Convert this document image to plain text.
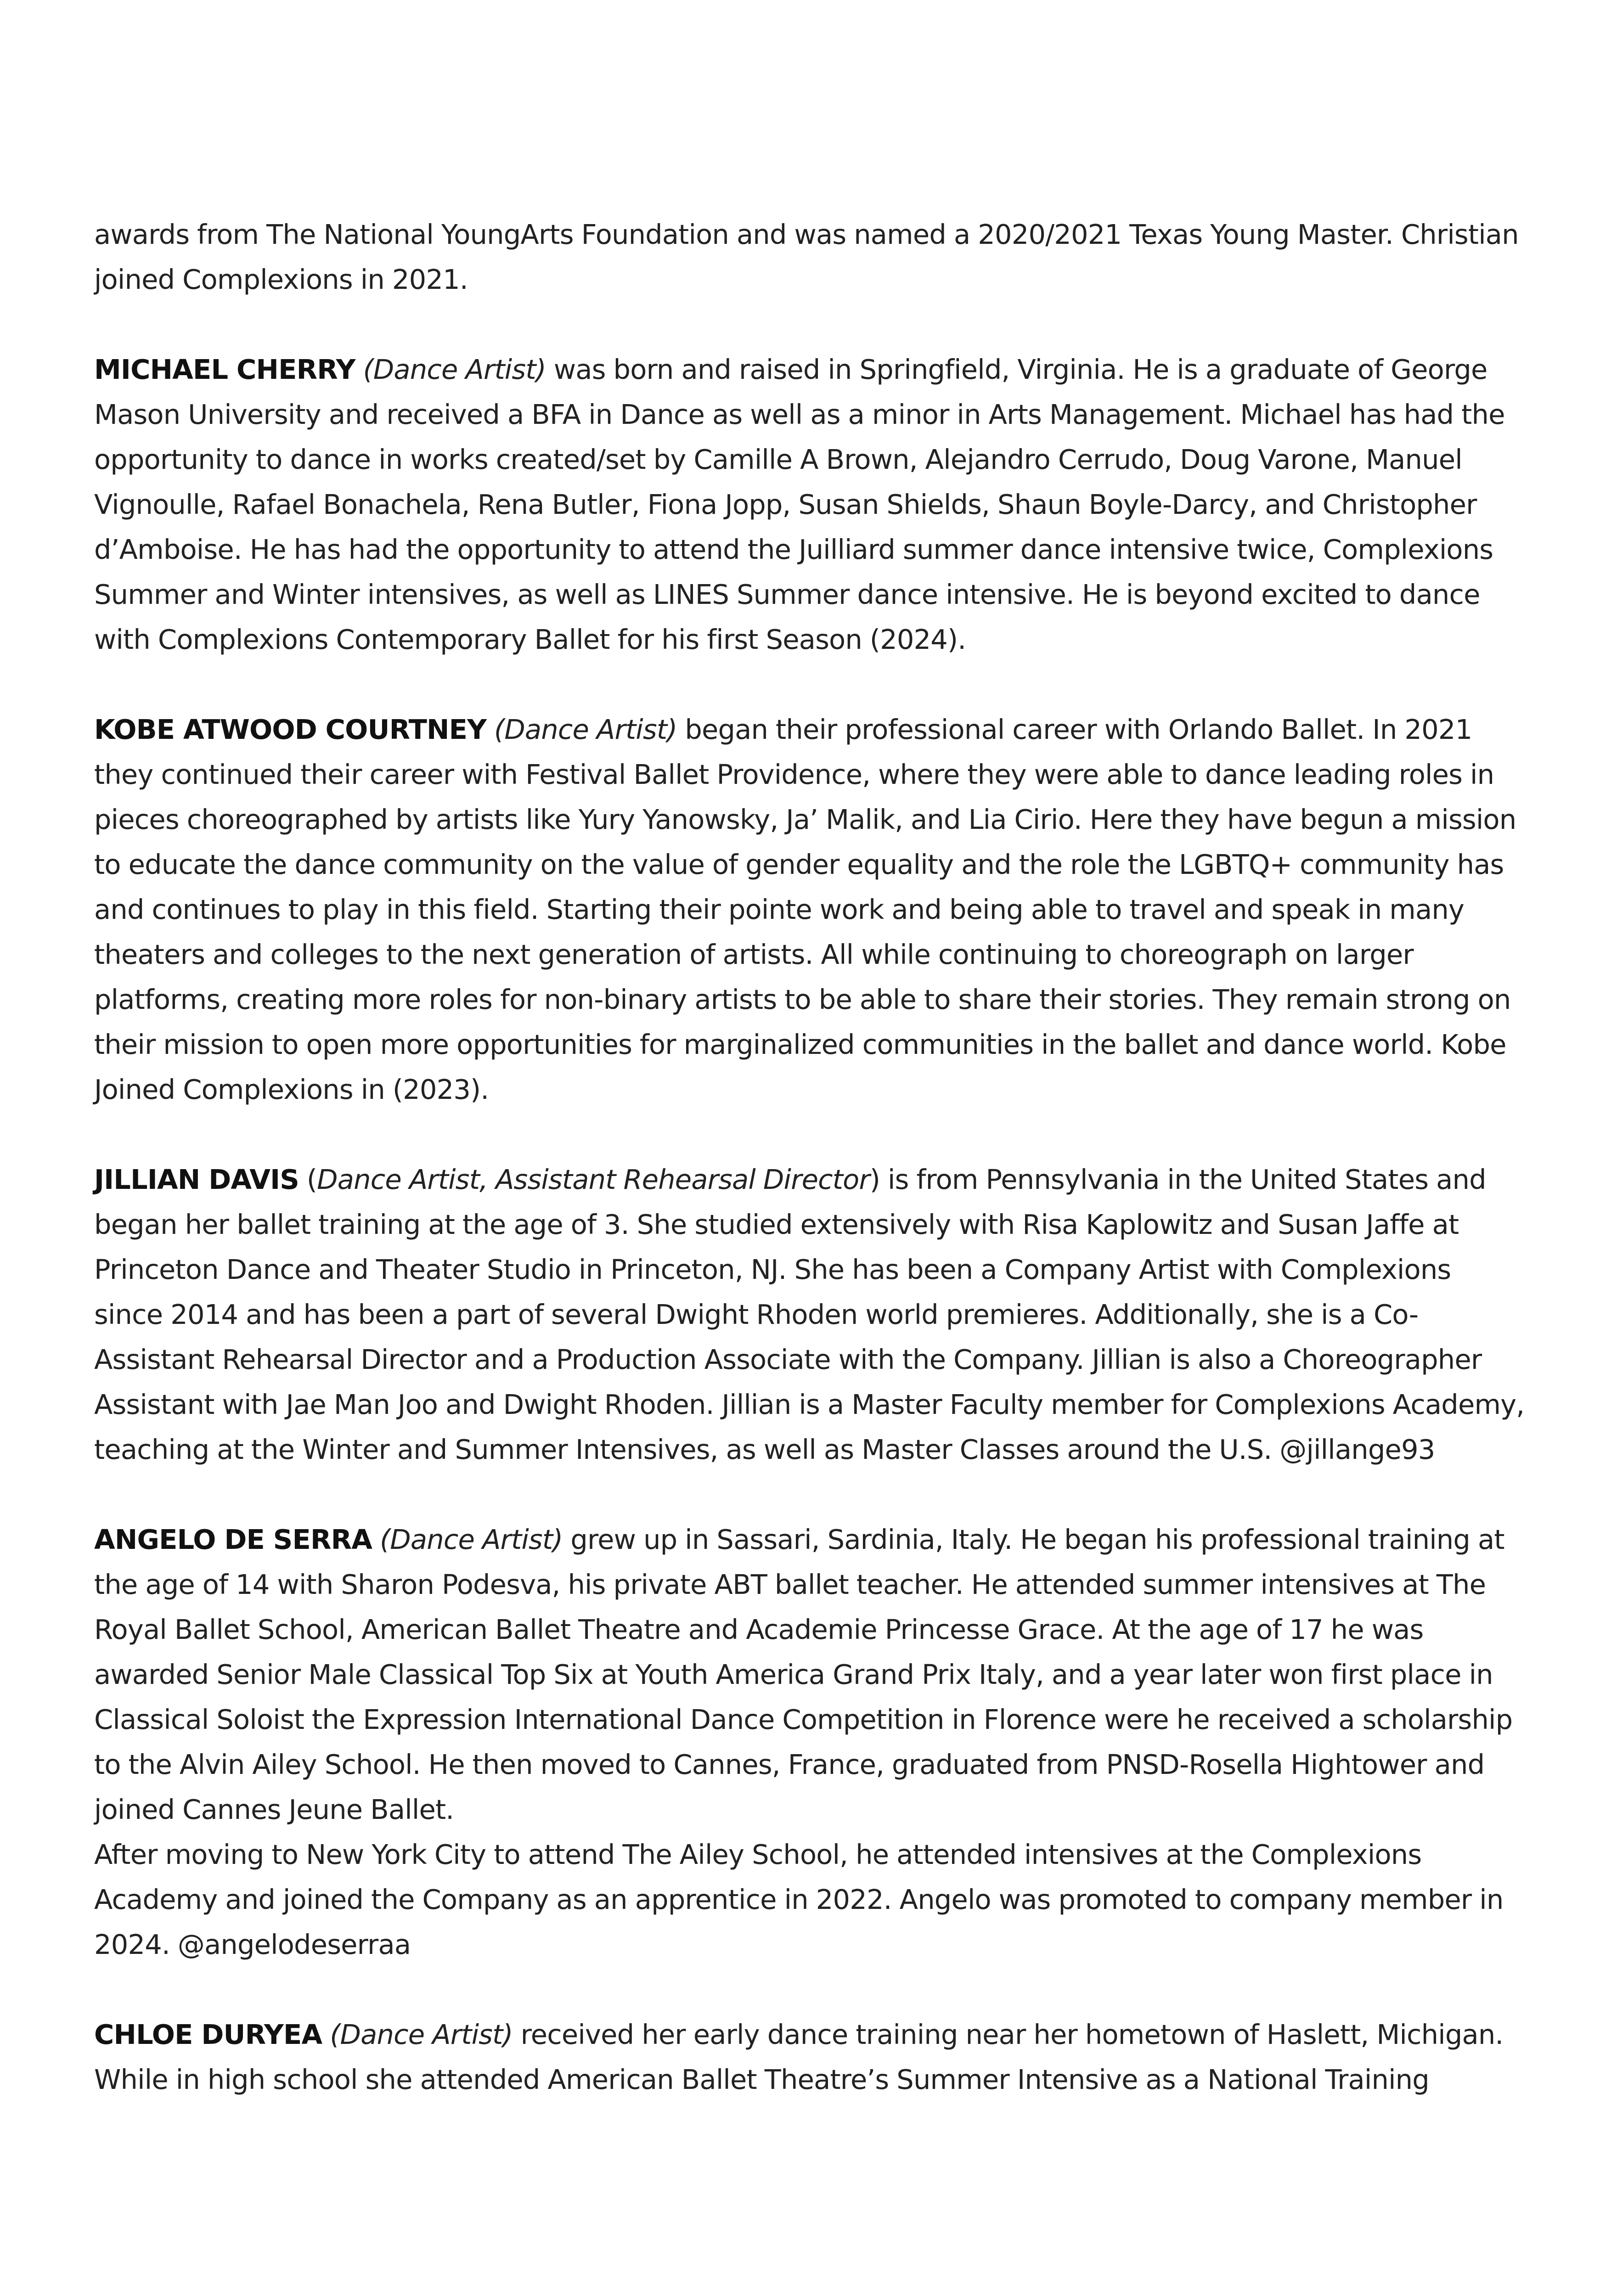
awards from The National YoungArts Foundation and was named a 2020/2021 Texas Young Master. Christian joined Complexions in 2021.

MICHAEL CHERRY (Dance Artist) was born and raised in Springfield, Virginia. He is a graduate of George Mason University and received a BFA in Dance as well as a minor in Arts Management. Michael has had the opportunity to dance in works created/set by Camille A Brown, Alejandro Cerrudo, Doug Varone, Manuel Vignoulle, Rafael Bonachela, Rena Butler, Fiona Jopp, Susan Shields, Shaun Boyle-Darcy, and Christopher d’Amboise. He has had the opportunity to attend the Juilliard summer dance intensive twice, Complexions Summer and Winter intensives, as well as LINES Summer dance intensive. He is beyond excited to dance with Complexions Contemporary Ballet for his first Season (2024).

KOBE ATWOOD COURTNEY (Dance Artist) began their professional career with Orlando Ballet. In 2021 they continued their career with Festival Ballet Providence, where they were able to dance leading roles in pieces choreographed by artists like Yury Yanowsky, Ja’ Malik, and Lia Cirio. Here they have begun a mission to educate the dance community on the value of gender equality and the role the LGBTQ+ community has and continues to play in this field. Starting their pointe work and being able to travel and speak in many theaters and colleges to the next generation of artists. All while continuing to choreograph on larger platforms, creating more roles for non-binary artists to be able to share their stories. They remain strong on their mission to open more opportunities for marginalized communities in the ballet and dance world. Kobe Joined Complexions in (2023).

JILLIAN DAVIS (Dance Artist, Assistant Rehearsal Director) is from Pennsylvania in the United States and began her ballet training at the age of 3. She studied extensively with Risa Kaplowitz and Susan Jaffe at Princeton Dance and Theater Studio in Princeton, NJ. She has been a Company Artist with Complexions since 2014 and has been a part of several Dwight Rhoden world premieres. Additionally, she is a Co-Assistant Rehearsal Director and a Production Associate with the Company. Jillian is also a Choreographer Assistant with Jae Man Joo and Dwight Rhoden. Jillian is a Master Faculty member for Complexions Academy, teaching at the Winter and Summer Intensives, as well as Master Classes around the U.S. @jillange93

ANGELO DE SERRA (Dance Artist) grew up in Sassari, Sardinia, Italy. He began his professional training at the age of 14 with Sharon Podesva, his private ABT ballet teacher. He attended summer intensives at The Royal Ballet School, American Ballet Theatre and Academie Princesse Grace. At the age of 17 he was awarded Senior Male Classical Top Six at Youth America Grand Prix Italy, and a year later won first place in Classical Soloist the Expression International Dance Competition in Florence were he received a scholarship to the Alvin Ailey School. He then moved to Cannes, France, graduated from PNSD-Rosella Hightower and joined Cannes Jeune Ballet.

After moving to New York City to attend The Ailey School, he attended intensives at the Complexions Academy and joined the Company as an apprentice in 2022. Angelo was promoted to company member in 2024. @angelodeserraa

CHLOE DURYEA (Dance Artist) received her early dance training near her hometown of Haslett, Michigan. While in high school she attended American Ballet Theatre’s Summer Intensive as a National Training
